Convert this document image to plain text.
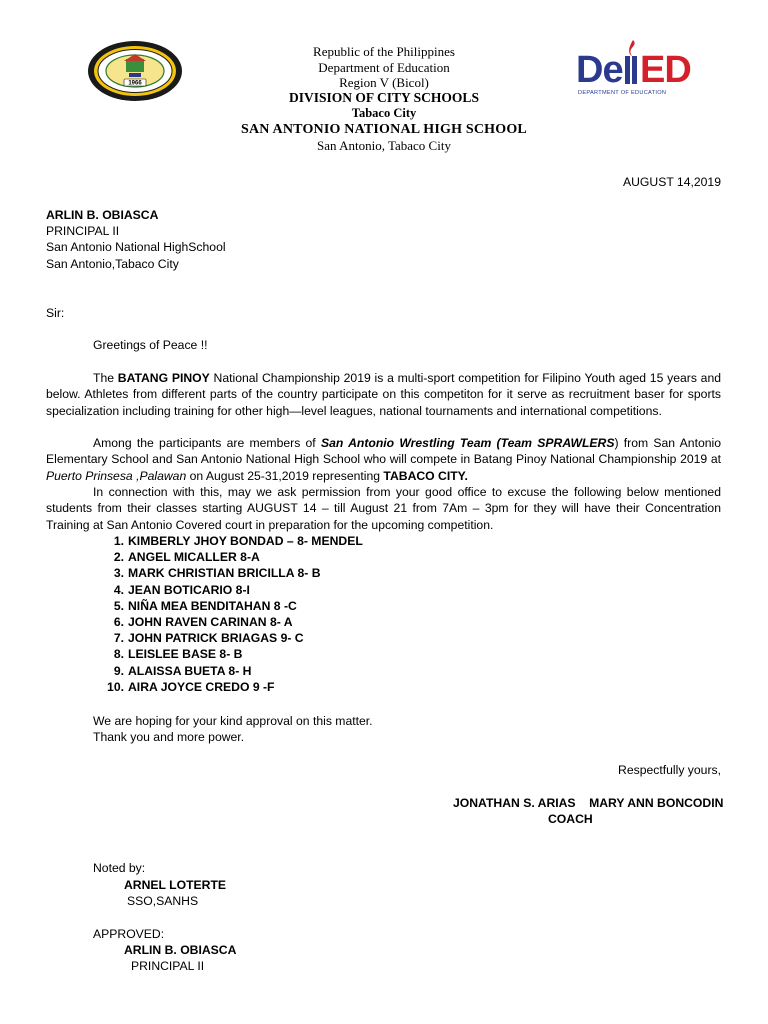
1966	De ED
DEPARTMENT OF EDUCATION
Republic of the Philippines
Department of Education
Region V (Bicol)
DIVISION OF CITY SCHOOLS
Tabaco City
SAN ANTONIO NATIONAL HIGH SCHOOL
San Antonio, Tabaco City
AUGUST 14,2019
ARLIN B. OBIASCA
PRINCIPAL II
San Antonio National HighSchool
San Antonio,Tabaco City
Sir:
Greetings of Peace !!
The BATANG PINOY National Championship 2019 is a multi-sport competition for Filipino Youth aged 15 years and below. Athletes from different parts of the country participate on this competiton for it serve as recruitment baser for sports specialization including training for other high—level leagues, national tournaments and international competitions.
Among the participants are members of San Antonio Wrestling Team (Team SPRAWLERS) from San Antonio Elementary School and San Antonio National High School who will compete in Batang Pinoy National Championship 2019 at Puerto Prinsesa ,Palawan on August 25-31,2019 representing TABACO CITY.
In connection with this, may we ask permission from your good office to excuse the following below mentioned students from their classes starting AUGUST 14 – till August 21 from 7Am – 3pm for they will have their Concentration Training at San Antonio Covered court in preparation for the upcoming competition.
1. KIMBERLY JHOY BONDAD – 8- MENDEL
2. ANGEL MICALLER 8-A
3. MARK CHRISTIAN BRICILLA 8- B
4. JEAN BOTICARIO 8-I
5. NIÑA MEA BENDITAHAN 8 -C
6. JOHN RAVEN CARINAN 8- A
7. JOHN PATRICK BRIAGAS 9- C
8. LEISLEE BASE 8- B
9. ALAISSA BUETA 8- H
10. AIRA JOYCE CREDO 9 -F
We are hoping for your kind approval on this matter.
Thank you and more power.
Respectfully yours,
JONATHAN S. ARIAS    MARY ANN BONCODIN
COACH
Noted by:
ARNEL LOTERTE
SSO,SANHS
APPROVED:
ARLIN B. OBIASCA
PRINCIPAL II
